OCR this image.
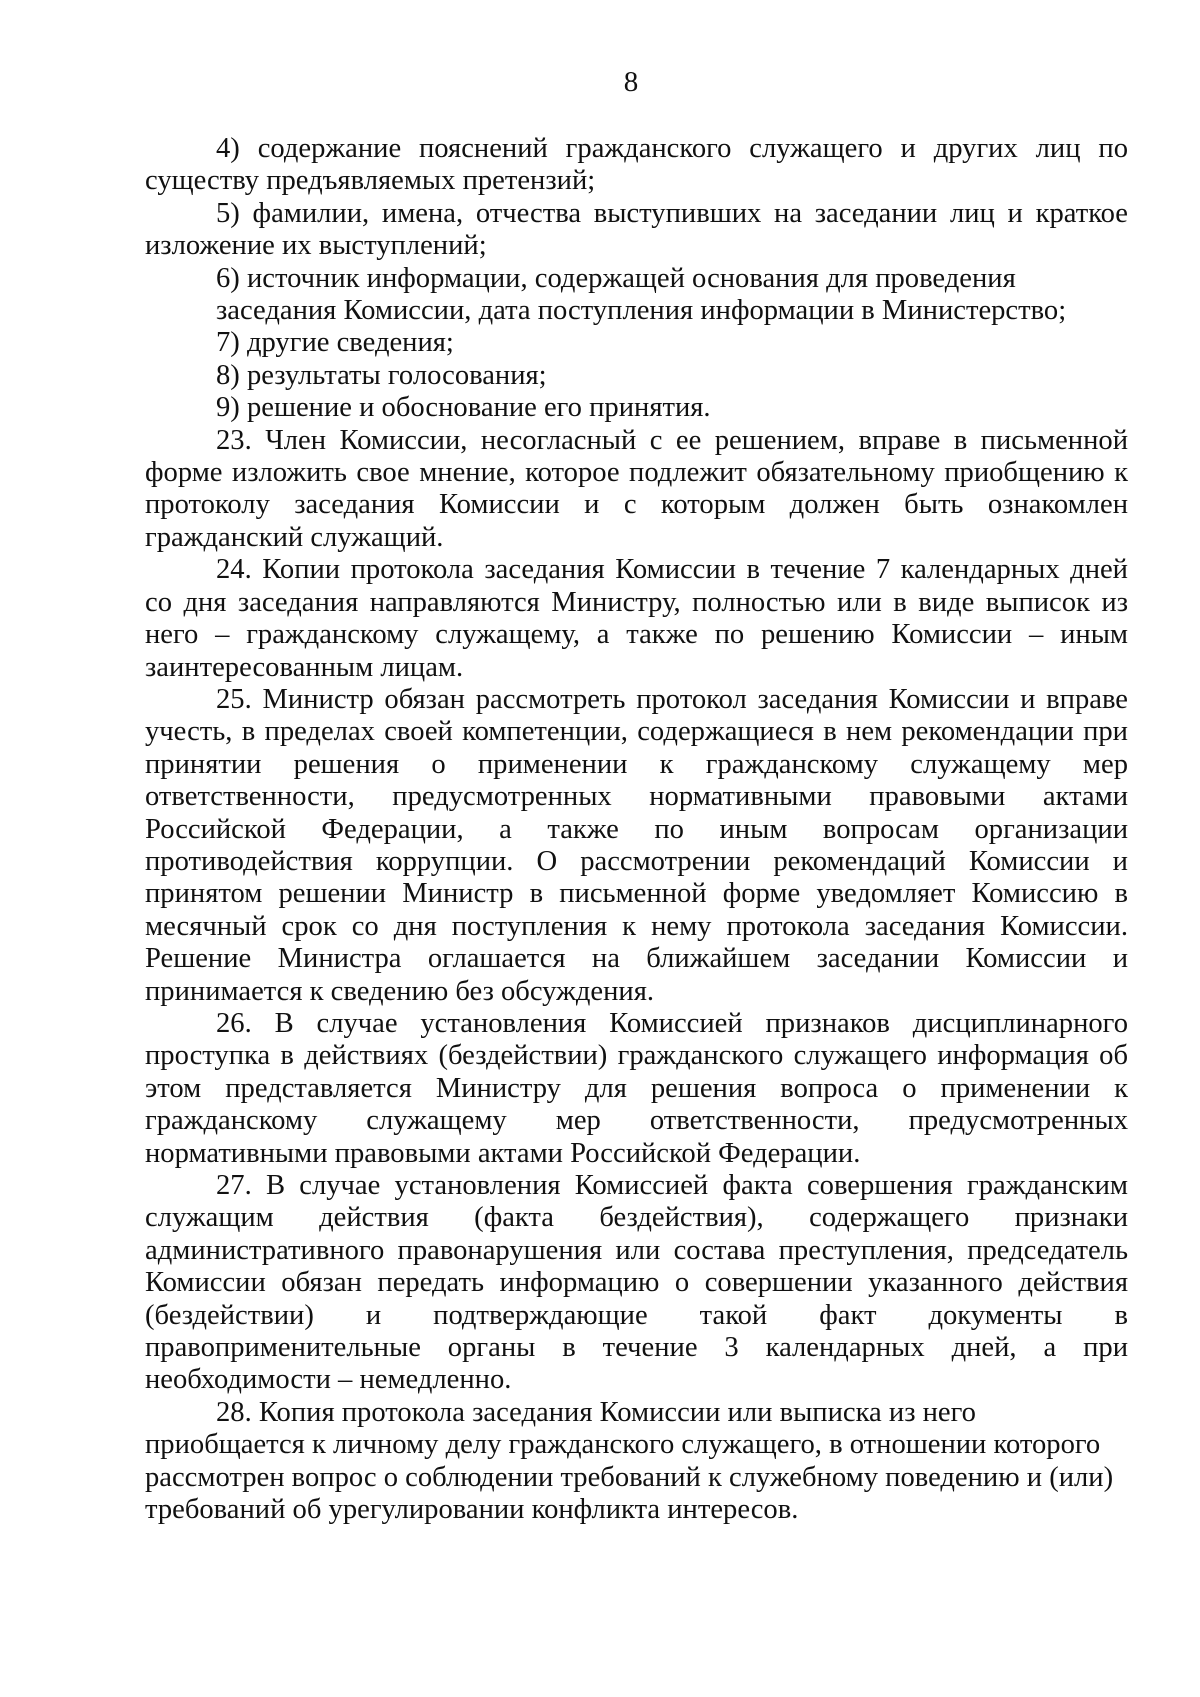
8

4) содержание пояснений гражданского служащего и других лиц по существу предъявляемых претензий;

5) фамилии, имена, отчества выступивших на заседании лиц и краткое изложение их выступлений;

6) источник информации, содержащей основания для проведения заседания Комиссии, дата поступления информации в Министерство;

7) другие сведения;

8) результаты голосования;

9) решение и обоснование его принятия.

23. Член Комиссии, несогласный с ее решением, вправе в письменной форме изложить свое мнение, которое подлежит обязательному приобщению к протоколу заседания Комиссии и с которым должен быть ознакомлен гражданский служащий.

24. Копии протокола заседания Комиссии в течение 7 календарных дней со дня заседания направляются Министру, полностью или в виде выписок из него – гражданскому служащему, а также по решению Комиссии – иным заинтересованным лицам.

25. Министр обязан рассмотреть протокол заседания Комиссии и вправе учесть, в пределах своей компетенции, содержащиеся в нем рекомендации при принятии решения о применении к гражданскому служащему мер ответственности, предусмотренных нормативными правовыми актами Российской Федерации, а также по иным вопросам организации противодействия коррупции. О рассмотрении рекомендаций Комиссии и принятом решении Министр в письменной форме уведомляет Комиссию в месячный срок со дня поступления к нему протокола заседания Комиссии. Решение Министра оглашается на ближайшем заседании Комиссии и принимается к сведению без обсуждения.

26. В случае установления Комиссией признаков дисциплинарного проступка в действиях (бездействии) гражданского служащего информация об этом представляется Министру для решения вопроса о применении к гражданскому служащему мер ответственности, предусмотренных нормативными правовыми актами Российской Федерации.

27. В случае установления Комиссией факта совершения гражданским служащим действия (факта бездействия), содержащего признаки административного правонарушения или состава преступления, председатель Комиссии обязан передать информацию о совершении указанного действия (бездействии) и подтверждающие такой факт документы в правоприменительные органы в течение 3 календарных дней, а при необходимости – немедленно.

28. Копия протокола заседания Комиссии или выписка из него приобщается к личному делу гражданского служащего, в отношении которого рассмотрен вопрос о соблюдении требований к служебному поведению и (или) требований об урегулировании конфликта интересов.
